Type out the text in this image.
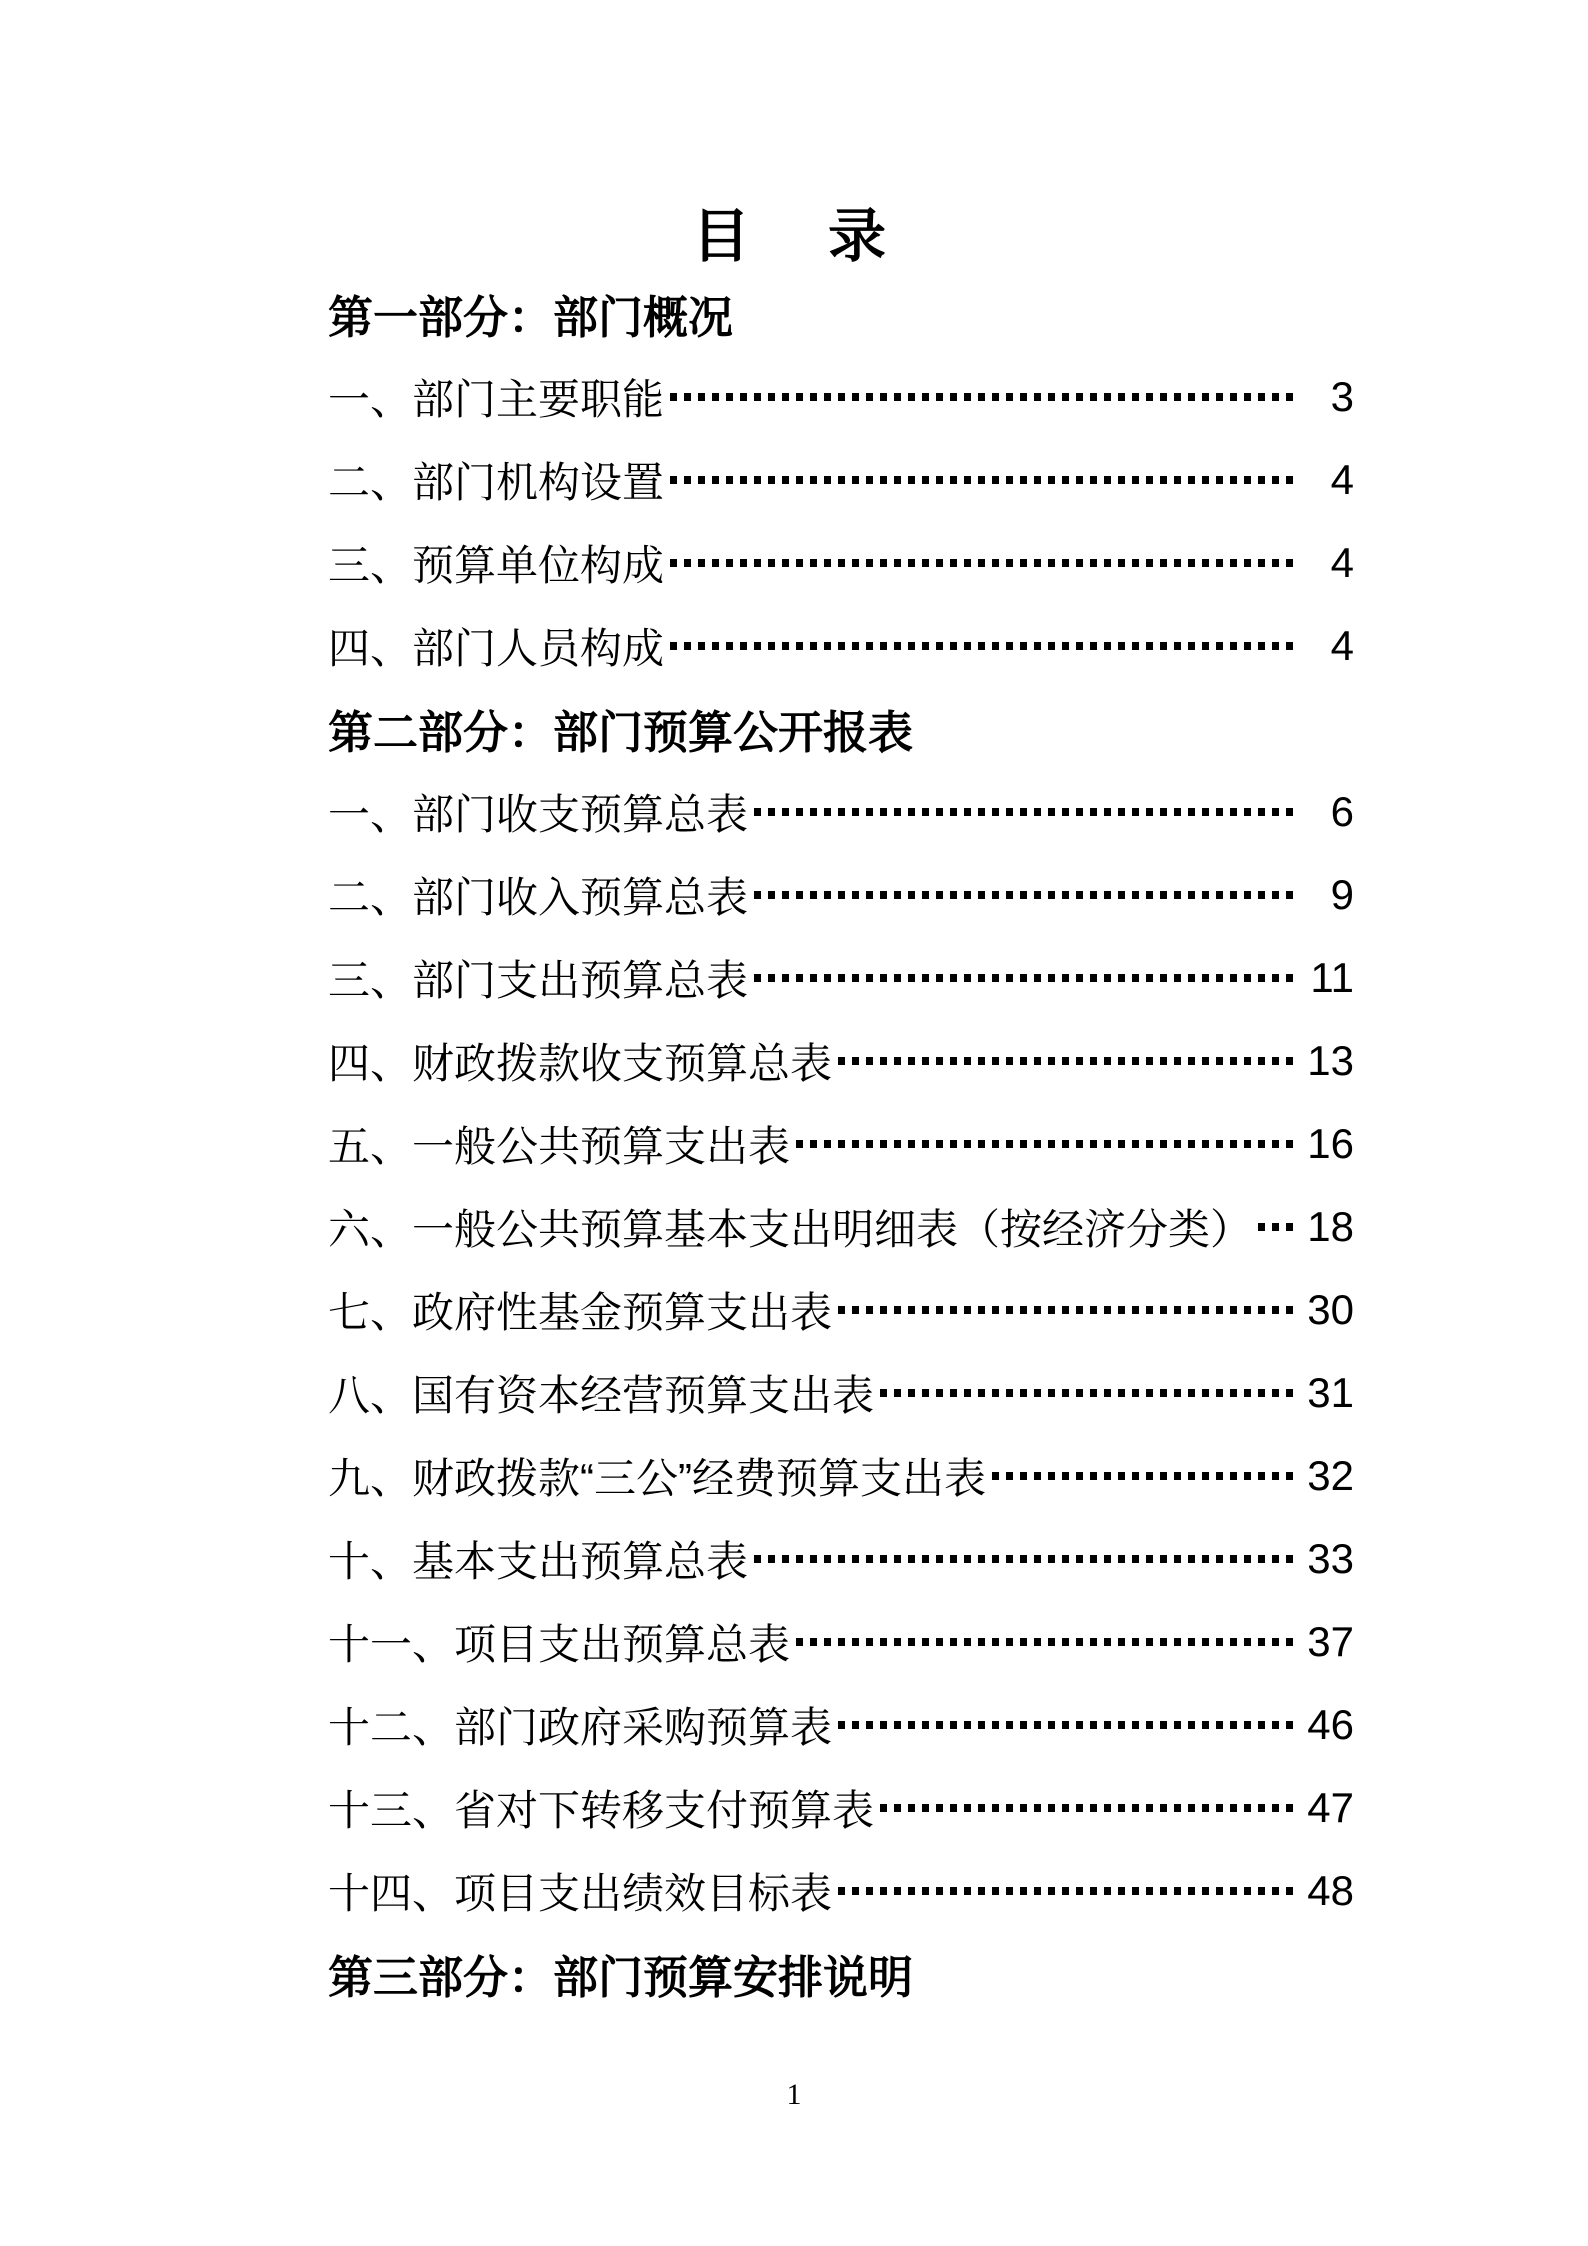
目　录
第一部分：部门概况
一、部门主要职能	3
二、部门机构设置	4
三、预算单位构成	4
四、部门人员构成	4
第二部分：部门预算公开报表
一、部门收支预算总表	6
二、部门收入预算总表	9
三、部门支出预算总表	11
四、财政拨款收支预算总表	13
五、一般公共预算支出表	16
六、一般公共预算基本支出明细表（按经济分类） 18
七、政府性基金预算支出表	30
八、国有资本经营预算支出表	31
九、财政拨款“三公”经费预算支出表	32
十、基本支出预算总表	33
十一、项目支出预算总表	37
十二、部门政府采购预算表	46
十三、省对下转移支付预算表	47
十四、项目支出绩效目标表	48
第三部分：部门预算安排说明
1
